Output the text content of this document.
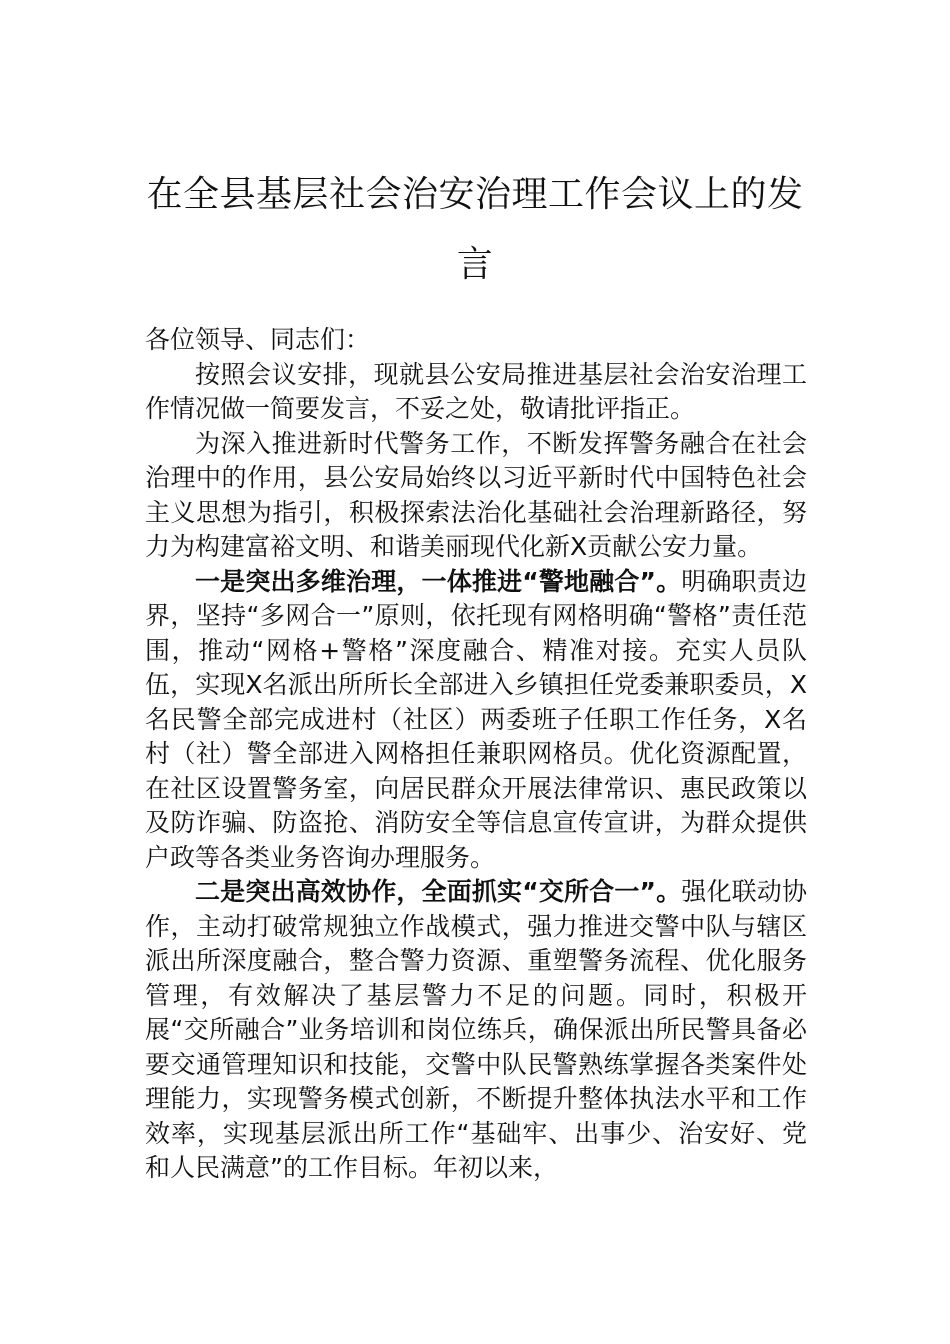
在全县基层社会治安治理工作会议上的发言

各位领导、同志们：

按照会议安排，现就县公安局推进基层社会治安治理工作情况做一简要发言，不妥之处，敬请批评指正。

为深入推进新时代警务工作，不断发挥警务融合在社会治理中的作用，县公安局始终以习近平新时代中国特色社会主义思想为指引，积极探索法治化基础社会治理新路径，努力为构建富裕文明、和谐美丽现代化新X贡献公安力量。

一是突出多维治理，一体推进“警地融合”。明确职责边界，坚持“多网合一”原则，依托现有网格明确“警格”责任范围，推动“网格+警格”深度融合、精准对接。充实人员队伍，实现X名派出所所长全部进入乡镇担任党委兼职委员，X名民警全部完成进村（社区）两委班子任职工作任务，X名村（社）警全部进入网格担任兼职网格员。优化资源配置，在社区设置警务室，向居民群众开展法律常识、惠民政策以及防诈骗、防盗抢、消防安全等信息宣传宣讲，为群众提供户政等各类业务咨询办理服务。

二是突出高效协作，全面抓实“交所合一”。强化联动协作，主动打破常规独立作战模式，强力推进交警中队与辖区派出所深度融合，整合警力资源、重塑警务流程、优化服务管理，有效解决了基层警力不足的问题。同时，积极开展“交所融合”业务培训和岗位练兵，确保派出所民警具备必要交通管理知识和技能，交警中队民警熟练掌握各类案件处理能力，实现警务模式创新，不断提升整体执法水平和工作效率，实现基层派出所工作“基础牢、出事少、治安好、党和人民满意”的工作目标。年初以来，
